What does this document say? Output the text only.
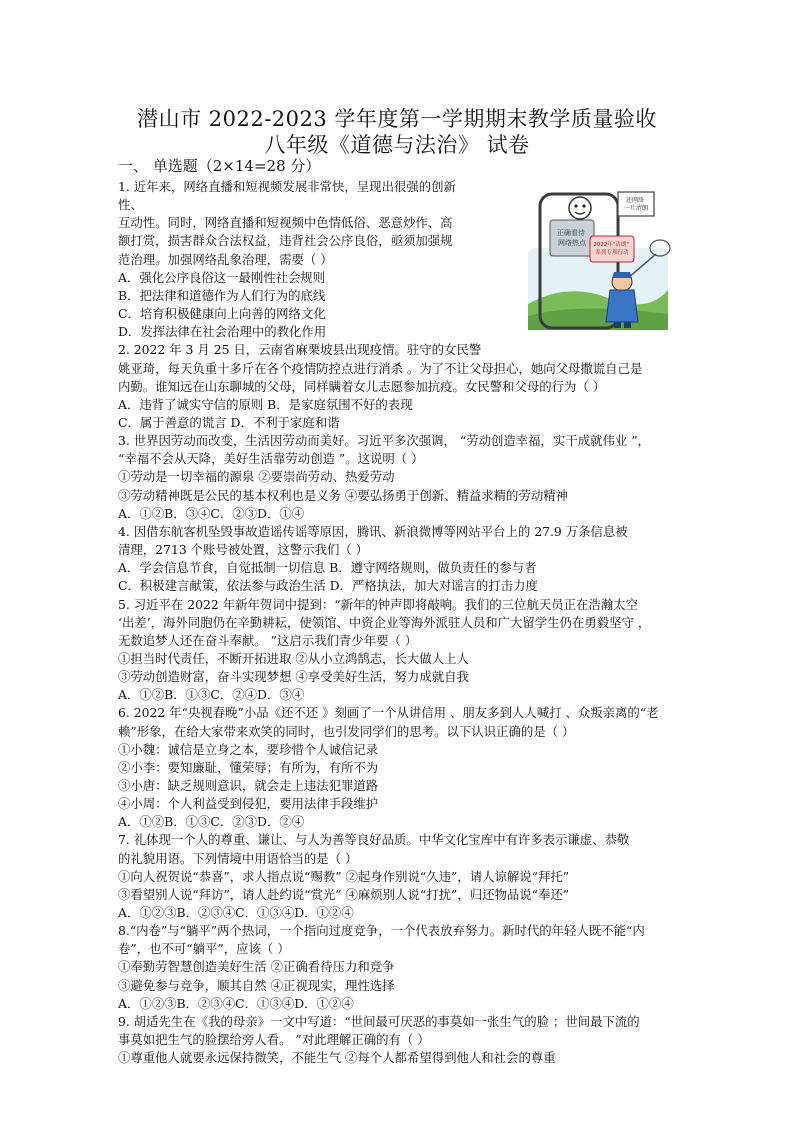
潜山市 2022-2023 学年度第一学期期末教学质量验收
八年级《道德与法治》 试卷
一、 单选题（2×14=28 分）
1. 近年来，网络直播和短视频发展非常快，呈现出很强的创新
性、
互动性。同时，网络直播和短视频中色情低俗、恶意炒作、高
额打赏，损害群众合法权益，违背社会公序良俗，亟须加强规
范治理。加强网络乱象治理，需要（ ）
A．强化公序良俗这一最刚性社会规则
B．把法律和道德作为人们行为的底线
C．培育积极健康向上向善的网络文化
D．发挥法律在社会治理中的教化作用
2. 2022 年 3 月 25 日，云南省麻栗坡县出现疫情。驻守的女民警
姚亚琦，每天负重十多斤在各个疫情防控点进行消杀 。为了不让父母担心，她向父母撒谎自己是
内勤。谁知远在山东聊城的父母，同样瞒着女儿志愿参加抗疫。女民警和父母的行为（ ）
A．违背了诚实守信的原则 B．是家庭氛围不好的表现
C．属于善意的谎言 D．不利于家庭和谐
3. 世界因劳动而改变，生活因劳动而美好。习近平多次强调， “劳动创造幸福，实干成就伟业 ”，
“幸福不会从天降，美好生活靠劳动创造 ”。这说明（ ）
①劳动是一切幸福的源泉 ②要崇尚劳动、热爱劳动
③劳动精神既是公民的基本权利也是义务 ④要弘扬勇于创新、精益求精的劳动精神
A．①②B．③④C．②③D．①④
4. 因借东航客机坠毁事故造谣传谣等原因，腾讯、新浪微博等网站平台上的 27.9 万条信息被
清理，2713 个账号被处置，这警示我们（ ）
A．学会信息节食，自觉抵制一切信息 B．遵守网络规则，做负责任的参与者
C．积极建言献策，依法参与政治生活 D．严格执法，加大对谣言的打击力度
5. 习近平在 2022 年新年贺词中提到：“新年的钟声即将敲响。我们的三位航天员正在浩瀚太空
‘出差’，海外同胞仍在辛勤耕耘，使领馆、中资企业等海外派驻人员和广大留学生仍在勇毅坚守 ，
无数追梦人还在奋斗奉献。 ”这启示我们青少年要（ ）
①担当时代责任，不断开拓进取 ②从小立鸿鹄志，长大做人上人
③劳动创造财富，奋斗实现梦想 ④享受美好生活，努力成就自我
A．①②B．①③C．②④D．③④
6. 2022 年“央视春晚”小品《还不还 》刻画了一个从讲信用 、朋友多到人人喊打 、众叛亲离的“老
赖”形象，在给大家带来欢笑的同时，也引发同学们的思考。以下认识正确的是（ ）
①小魏：诚信是立身之本，要珍惜个人诚信记录
②小李：要知廉耻，懂荣辱；有所为，有所不为
③小唐：缺乏规则意识，就会走上违法犯罪道路
④小周：个人利益受到侵犯，要用法律手段维护
A．①②B．①③C．②③D．②④
7. 礼体现一个人的尊重、谦让、与人为善等良好品质。中华文化宝库中有许多表示谦虚、恭敬
的礼貌用语。下列情境中用语恰当的是（ ）
①向人祝贺说“恭喜”，求人指点说“赐教” ②起身作别说“久违”，请人谅解说“拜托”
③看望别人说“拜访”，请人赴约说“赏光” ④麻烦别人说“打扰”，归还物品说“奉还”
A．①②③B．②③④C．①③④D．①②④
8.“内卷”与“躺平”两个热词，一个指向过度竞争，一个代表放弃努力。新时代的年轻人既不能“内
卷”，也不可“躺平”，应该（ ）
①奉勤劳智慧创造美好生活 ②正确看待压力和竞争
③避免参与竞争，顺其自然 ④正视现实，理性选择
A．①②③B．②③④C．①③④D．①②④
9. 胡适先生在《我的母亲》一文中写道：“世间最可厌恶的事莫如一张生气的脸 ；世间最下流的
事莫如把生气的脸摆给旁人看。 ”对此理解正确的有（ ）
①尊重他人就要永远保持微笑，不能生气 ②每个人都希望得到他人和社会的尊重
还网络 一片清朗
正确看待 网络热点 2022年"清朗" 系列专项行动
